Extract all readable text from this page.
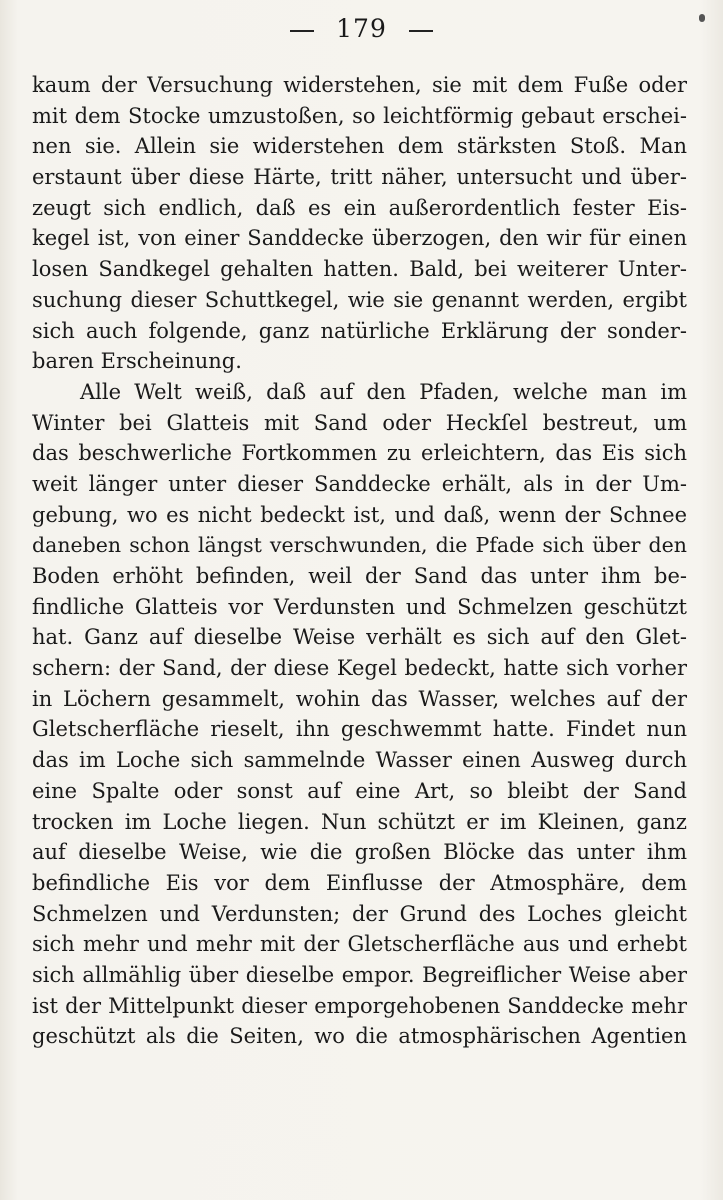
179
kaum der Versuchung widerstehen, sie mit dem Fuße oder
mit dem Stocke umzustoßen, so leichtförmig gebaut erschei-
nen sie. Allein sie widerstehen dem stärksten Stoß. Man
erstaunt über diese Härte, tritt näher, untersucht und über-
zeugt sich endlich, daß es ein außerordentlich fester Eis-
kegel ist, von einer Sanddecke überzogen, den wir für einen
losen Sandkegel gehalten hatten. Bald, bei weiterer Unter-
suchung dieser Schuttkegel, wie sie genannt werden, ergibt
sich auch folgende, ganz natürliche Erklärung der sonder-
baren Erscheinung.
Alle Welt weiß, daß auf den Pfaden, welche man im
Winter bei Glatteis mit Sand oder Heckſel bestreut, um
das beschwerliche Fortkommen zu erleichtern, das Eis sich
weit länger unter dieser Sanddecke erhält, als in der Um-
gebung, wo es nicht bedeckt ist, und daß, wenn der Schnee
daneben schon längst verschwunden, die Pfade sich über den
Boden erhöht befinden, weil der Sand das unter ihm be-
findliche Glatteis vor Verdunsten und Schmelzen geschützt
hat. Ganz auf dieselbe Weise verhält es sich auf den Glet-
schern: der Sand, der diese Kegel bedeckt, hatte sich vorher
in Löchern gesammelt, wohin das Wasser, welches auf der
Gletscherfläche rieselt, ihn geschwemmt hatte. Findet nun
das im Loche sich sammelnde Wasser einen Ausweg durch
eine Spalte oder sonst auf eine Art, so bleibt der Sand
trocken im Loche liegen. Nun schützt er im Kleinen, ganz
auf dieselbe Weise, wie die großen Blöcke das unter ihm
befindliche Eis vor dem Einflusse der Atmosphäre, dem
Schmelzen und Verdunsten; der Grund des Loches gleicht
sich mehr und mehr mit der Gletscherfläche aus und erhebt
sich allmählig über dieselbe empor. Begreiflicher Weise aber
ist der Mittelpunkt dieser emporgehobenen Sanddecke mehr
geschützt als die Seiten, wo die atmosphärischen Agentien
